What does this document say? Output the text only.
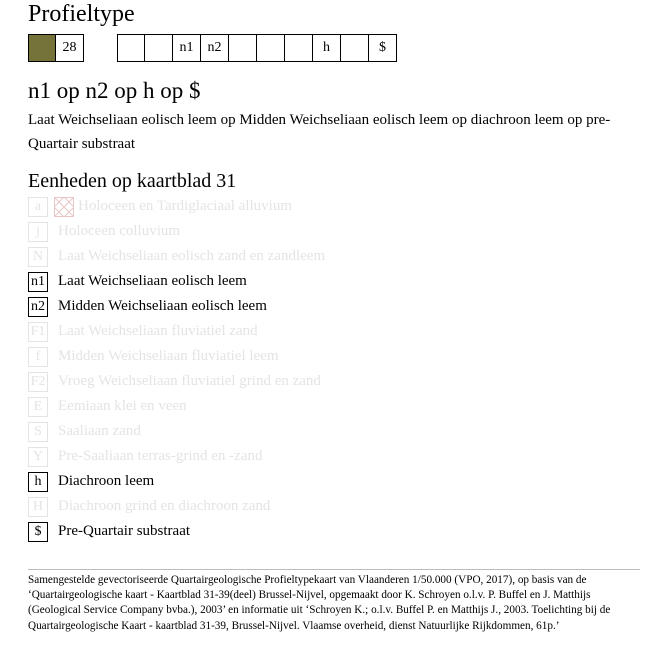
Profieltype
28	n1	n2	h	$
n1 op n2 op h op $
Laat Weichseliaan eolisch leem op Midden Weichseliaan eolisch leem op diachroon leem op pre-Quartair substraat
Eenheden op kaartblad 31
a	Holoceen en Tardiglaciaal alluvium
j	Holoceen colluvium
N Laat Weichseliaan eolisch zand en zandleem
n1 Laat Weichseliaan eolisch leem
n2 Midden Weichseliaan eolisch leem
F1 Laat Weichseliaan fluviatiel zand
f	Midden Weichseliaan fluviatiel leem
F2 Vroeg Weichseliaan fluviatiel grind en zand
E	Eemiaan klei en veen
S	Saaliaan zand
Y Pre-Saaliaan terras-grind en -zand
h	Diachroon leem
H Diachroon grind en diachroon zand
$	Pre-Quartair substraat
Samengestelde gevectoriseerde Quartairgeologische Profieltypekaart van Vlaanderen 1/50.000 (VPO, 2017), op basis van de ‘Quartairgeologische kaart - Kaartblad 31-39(deel) Brussel-Nijvel, opgemaakt door K. Schroyen o.l.v. P. Buffel en J. Matthijs (Geological Service Company bvba.), 2003’ en informatie uit ‘Schroyen K.; o.l.v. Buffel P. en Matthijs J., 2003. Toelichting bij de Quartairgeologische Kaart - kaartblad 31-39, Brussel-Nijvel. Vlaamse overheid, dienst Natuurlijke Rijkdommen, 61p.’
